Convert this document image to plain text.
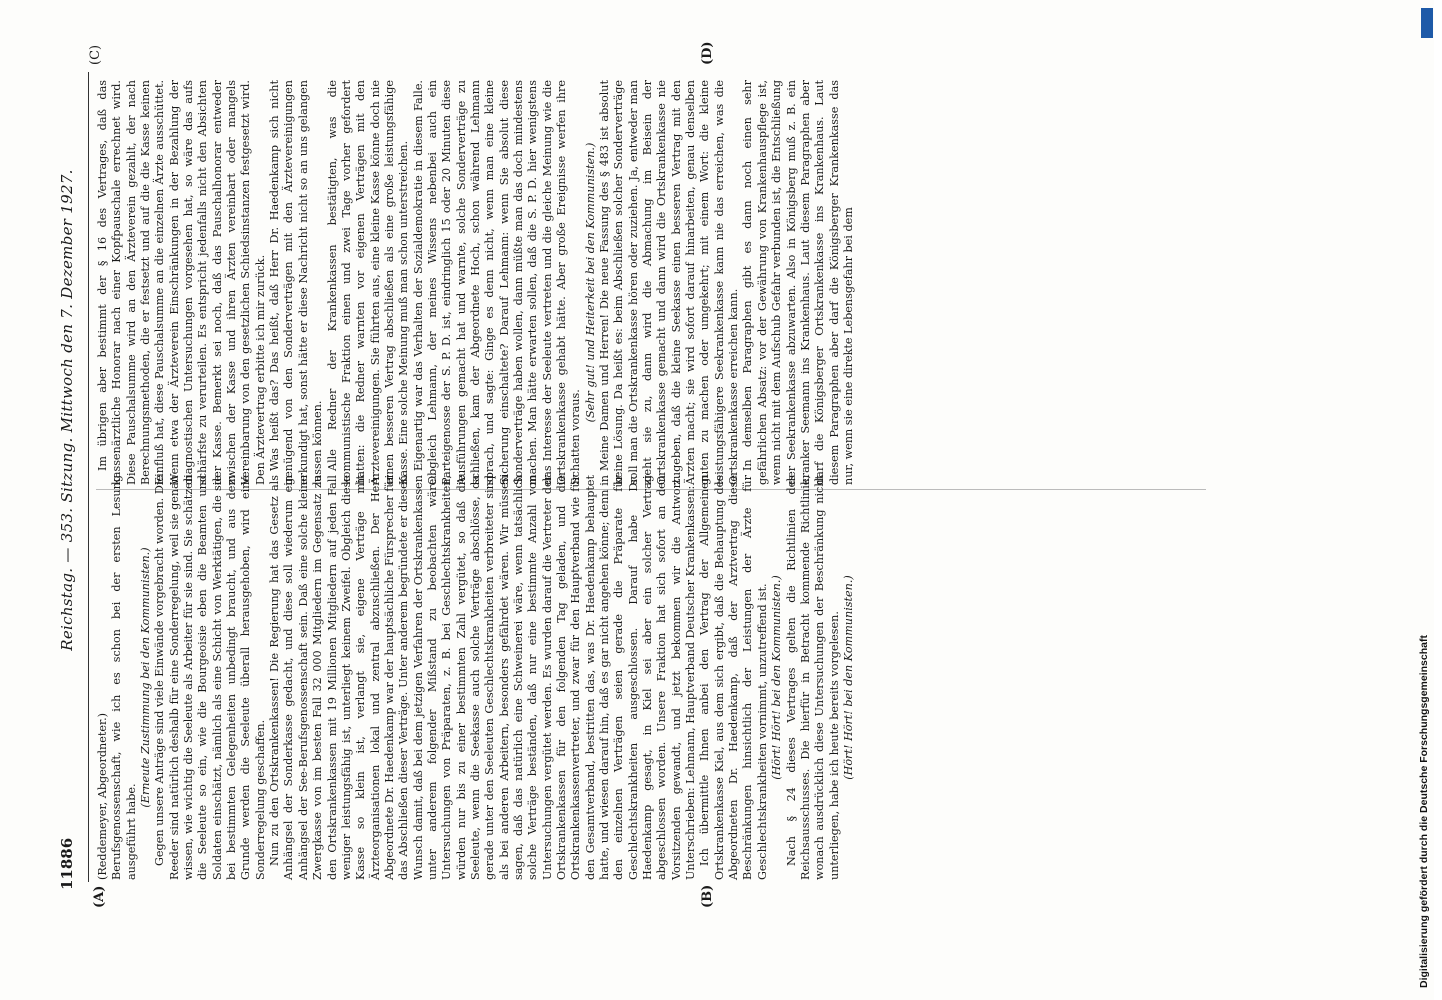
11886
Reichstag. — 353. Sitzung. Mittwoch den 7. Dezember 1927.
(A)	(B)
(C)	(D)

(Reddemeyer, Abgeordneter.) Berufsgenossenschaft, wie ich es schon bei der ersten Lesung ausgeführt habe.

(Erneute Zustimmung bei den Kommunisten.) Gegen unsere Anträge sind viele Einwände vorgebracht worden. Die Reeder sind natürlich deshalb für eine Sonderregelung, weil sie genau wissen, wie wichtig die Seeleute als Arbeiter für sie sind. Sie schätzen die Seeleute so ein, wie die Bourgeoisie eben die Beamten und Soldaten einschätzt, nämlich als eine Schicht von Werktätigen, die sie bei bestimmten Gelegenheiten unbedingt braucht, und aus dem Grunde werden die Seeleute überall herausgehoben, wird eine Sonderregelung geschaffen. Nun zu den Ortskrankenkassen! Die Regierung hat das Gesetz als Anhängsel der Sonderkasse gedacht, und diese soll wiederum ein Anhängsel der See-Berufsgenossenschaft sein. Daß eine solche kleine Zwergkasse von im besten Fall 32 000 Mitgliedern im Gegensatz zu den Ortskrankenkassen mit 19 Millionen Mitgliedern auf jeden Fall weniger leistungsfähig ist, unterliegt keinem Zweifel. Obgleich diese Kasse so klein ist, verlangt sie, eigene Verträge mit Ärzteorganisationen lokal und zentral abzuschließen. Der Herr Abgeordnete Dr. Haedenkamp war der hauptsächliche Fürsprecher für das Abschließen dieser Verträge. Unter anderem begründete er diesen Wunsch damit, daß bei dem jetzigen Verfahren der Ortskrankenkassen unter anderem folgender Mißstand zu beobachten wäre: Untersuchungen von Präparaten, z. B. bei Geschlechtskrankheiten, würden nur bis zu einer bestimmten Zahl vergütet, so daß die Seeleute, wenn die Seekasse auch solche Verträge abschlösse, da gerade unter den Seeleuten Geschlechtskrankheiten verbreiteter sind als bei anderen Arbeitern, besonders gefährdet wären. Wir müssen sagen, daß das natürlich eine Schweinerei wäre, wenn tatsächlich solche Verträge beständen, daß nur eine bestimmte Anzahl von Untersuchungen vergütet werden. Es wurden darauf die Vertreter der Ortskrankenkassen für den folgenden Tag geladen, und die Ortskrankenkassenvertreter, und zwar für den Hauptverband wie für den Gesamtverband, bestritten das, was Dr. Haedenkamp behauptet hatte, und wiesen darauf hin, daß es gar nicht angehen könne; denn in den einzelnen Verträgen seien gerade die Präparate für Geschlechtskrankheiten ausgeschlossen. Darauf habe Dr. Haedenkamp gesagt, in Kiel sei aber ein solcher Vertrag abgeschlossen worden. Unsere Fraktion hat sich sofort an den Vorsitzenden gewandt, und jetzt bekommen wir die Antwort. Unterschrieben: Lehmann, Hauptverband Deutscher Krankenkassen: Ich übermittle Ihnen anbei den Vertrag der Allgemeinen Ortskrankenkasse Kiel, aus dem sich ergibt, daß die Behauptung des Abgeordneten Dr. Haedenkamp, daß der Arztvertrag diese Beschränkungen hinsichtlich der Leistungen der Ärzte für Geschlechtskrankheiten vornimmt, unzutreffend ist. (Hört! Hört! bei den Kommunisten.) Nach § 24 dieses Vertrages gelten die Richtlinien des Reichsausschusses. Die hierfür in Betracht kommende Richtlinie, wonach ausdrücklich diese Untersuchungen der Beschränkung nicht unterliegen, habe ich heute bereits vorgelesen. (Hört! Hört! bei den Kommunisten.)

Im übrigen aber bestimmt der § 16 des Vertrages, daß das kassenärztliche Honorar nach einer Kopfpauschale errechnet wird. Diese Pauschalsumme wird an den Ärzteverein gezahlt, der nach Berechnungsmethoden, die er festsetzt und auf die die Kasse keinen Einfluß hat, diese Pauschalsumme an die einzelnen Ärzte ausschüttet. Wenn etwa der Ärzteverein Einschränkungen in der Bezahlung der diagnostischen Untersuchungen vorgesehen hat, so wäre das aufs schärfste zu verurteilen. Es entspricht jedenfalls nicht den Absichten der Kasse. Bemerkt sei noch, daß das Pauschalhonorar entweder zwischen der Kasse und ihren Ärzten vereinbart oder mangels Vereinbarung von den gesetzlichen Schiedsinstanzen festgesetzt wird. Den Ärztevertrag erbitte ich mir zurück. Was heißt das? Das heißt, daß Herr Dr. Haedenkamp sich nicht genügend von den Sonderverträgen mit den Ärztevereinigungen erkundigt hat, sonst hätte er diese Nachricht nicht so an uns gelangen lassen können. Alle Redner der Krankenkassen bestätigten, was die kommunistische Fraktion einen und zwei Tage vorher gefordert hatten: die Redner warnten vor eigenen Verträgen mit den Ärztevereinigungen. Sie führten aus, eine kleine Kasse könne doch nie einen besseren Vertrag abschließen als eine große leistungsfähige Kasse. Eine solche Meinung muß man schon unterstreichen. Eigenartig war das Verhalten der Sozialdemokratie in diesem Falle. Obgleich Lehmann, der meines Wissens nebenbei auch ein Parteigenosse der S. P. D. ist, eindringlich 15 oder 20 Minuten diese Ausführungen gemacht hat und warnte, solche Sonderverträge zu schließen, kam der Abgeordnete Hoch, schon während Lehmann sprach, und sagte: Ginge es denn nicht, wenn man eine kleine Sicherung einschaltete? Darauf Lehmann: wenn Sie absolut diese Sonderverträge haben wollen, dann müßte man das doch mindestens machen. Man hätte erwarten sollen, daß die S. P. D. hier wenigstens das Interesse der Seeleute vertreten und die gleiche Meinung wie die Ortskrankenkasse gehabt hätte. Aber große Ereignisse werfen ihre Schatten voraus.

(Sehr gut! und Heiterkeit bei den Kommunisten.) Meine Damen und Herren! Die neue Fassung des § 483 ist absolut keine Lösung. Da heißt es: beim Abschließen solcher Sonderverträge soll man die Ortskrankenkasse hören oder zuziehen. Ja, entweder man zieht sie zu, dann wird die Abmachung im Beisein der Ortskrankenkasse gemacht und dann wird die Ortskrankenkasse nie zugeben, daß die kleine Seekasse einen besseren Vertrag mit den Ärzten macht; sie wird sofort darauf hinarbeiten, genau denselben guten zu machen oder umgekehrt; mit einem Wort: die kleine leistungsfähigere Seekrankenkasse kann nie das erreichen, was die Ortskrankenkasse erreichen kann. In demselben Paragraphen gibt es dann noch einen sehr gefährlichen Absatz: vor der Gewährung von Krankenhauspflege ist, wenn nicht mit dem Aufschub Gefahr verbunden ist, die Entschließung der Seekrankenkasse abzuwarten. Also in Königsberg muß z. B. ein kranker Seemann ins Krankenhaus. Laut diesem Paragraphen aber darf die Königsberger Ortskrankenkasse ins Krankenhaus. Laut diesem Paragraphen aber darf die Königsberger Krankenkasse das nur, wenn sie eine direkte Lebensgefahr bei dem

Digitalisierung gefördert durch die Deutsche Forschungsgemeinschaft
DFG
